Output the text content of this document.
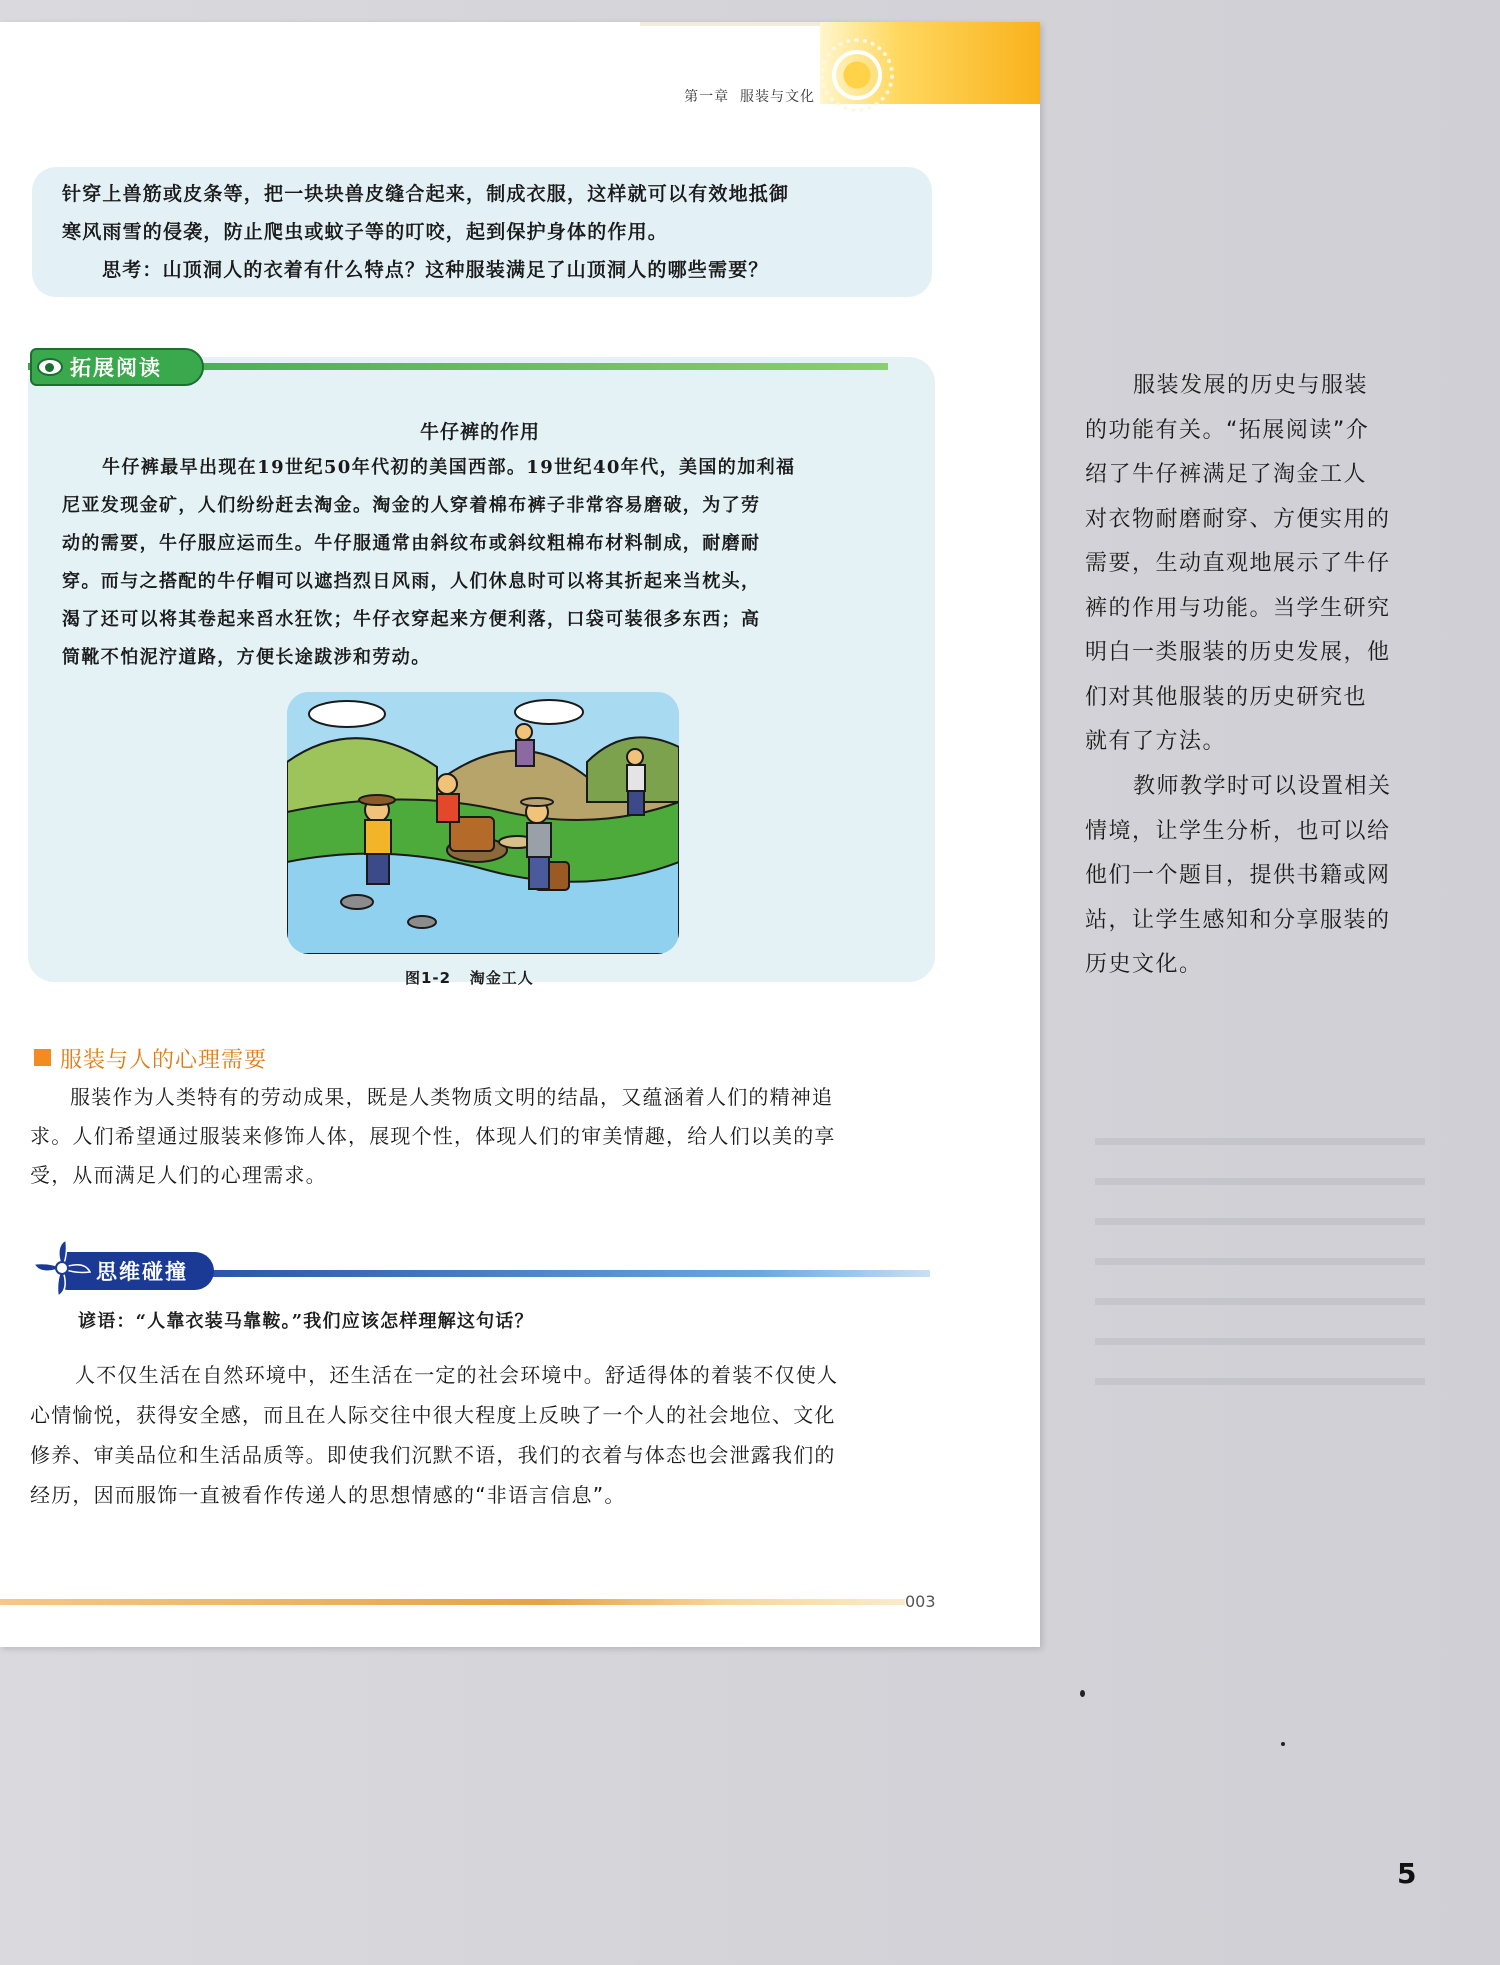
第一章 服装与文化
针穿上兽筋或皮条等，把一块块兽皮缝合起来，制成衣服，这样就可以有效地抵御
寒风雨雪的侵袭，防止爬虫或蚊子等的叮咬，起到保护身体的作用。
思考：山顶洞人的衣着有什么特点？这种服装满足了山顶洞人的哪些需要？
拓展阅读
牛仔裤的作用
牛仔裤最早出现在19世纪50年代初的美国西部。19世纪40年代，美国的加利福
尼亚发现金矿，人们纷纷赶去淘金。淘金的人穿着棉布裤子非常容易磨破，为了劳
动的需要，牛仔服应运而生。牛仔服通常由斜纹布或斜纹粗棉布材料制成，耐磨耐
穿。而与之搭配的牛仔帽可以遮挡烈日风雨，人们休息时可以将其折起来当枕头，
渴了还可以将其卷起来舀水狂饮；牛仔衣穿起来方便利落，口袋可装很多东西；高
筒靴不怕泥泞道路，方便长途跋涉和劳动。
图1-2 淘金工人
服装与人的心理需要
服装作为人类特有的劳动成果，既是人类物质文明的结晶，又蕴涵着人们的精神追
求。人们希望通过服装来修饰人体，展现个性，体现人们的审美情趣，给人们以美的享
受，从而满足人们的心理需求。
思维碰撞
谚语：“人靠衣装马靠鞍。”我们应该怎样理解这句话？
人不仅生活在自然环境中，还生活在一定的社会环境中。舒适得体的着装不仅使人
心情愉悦，获得安全感，而且在人际交往中很大程度上反映了一个人的社会地位、文化
修养、审美品位和生活品质等。即使我们沉默不语，我们的衣着与体态也会泄露我们的
经历，因而服饰一直被看作传递人的思想情感的“非语言信息”。
003
服装发展的历史与服装
的功能有关。“拓展阅读”介
绍了牛仔裤满足了淘金工人
对衣物耐磨耐穿、方便实用的
需要，生动直观地展示了牛仔
裤的作用与功能。当学生研究
明白一类服装的历史发展，他
们对其他服装的历史研究也
就有了方法。
教师教学时可以设置相关
情境，让学生分析，也可以给
他们一个题目，提供书籍或网
站，让学生感知和分享服装的
历史文化。
5
